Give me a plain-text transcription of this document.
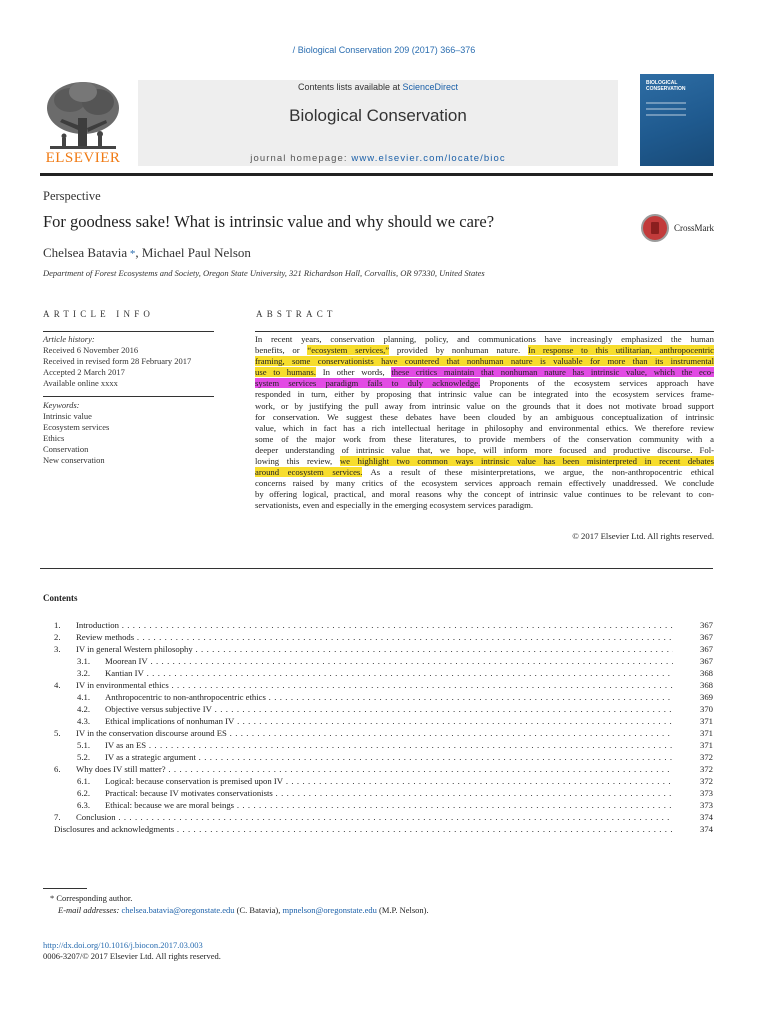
/ Biological Conservation 209 (2017) 366–376
ELSEVIER
Contents lists available at ScienceDirect
Biological Conservation
journal homepage: www.elsevier.com/locate/bioc
BIOLOGICAL CONSERVATION
Perspective
For goodness sake! What is intrinsic value and why should we care?	CrossMark
Chelsea Batavia *, Michael Paul Nelson
Department of Forest Ecosystems and Society, Oregon State University, 321 Richardson Hall, Corvallis, OR 97330, United States
ARTICLE INFO
Article history:
Received 6 November 2016
Received in revised form 28 February 2017
Accepted 2 March 2017
Available online xxxx
Keywords:
Intrinsic value
Ecosystem services
Ethics
Conservation
New conservation
ABSTRACT
In recent years, conservation planning, policy, and communications have increasingly emphasized the human
benefits, or “ecosystem services,” provided by nonhuman nature. In response to this utilitarian, anthropocentric
framing, some conservationists have countered that nonhuman nature is valuable for more than its instrumental
use to humans. In other words, these critics maintain that nonhuman nature has intrinsic value, which the eco-
system services paradigm fails to duly acknowledge. Proponents of the ecosystem services approach have
responded in turn, either by proposing that intrinsic value can be integrated into the ecosystem services frame-
work, or by justifying the pull away from intrinsic value on the grounds that it does not motivate broad support
for conservation. We suggest these debates have been clouded by an ambiguous conceptualization of intrinsic
value, which in fact has a rich intellectual heritage in philosophy and environmental ethics. We therefore review
some of the major work from these literatures, to provide members of the conservation community with a
deeper understanding of intrinsic value that, we hope, will inform more focused and productive discourse. Fol-
lowing this review, we highlight two common ways intrinsic value has been misinterpreted in recent debates
around ecosystem services. As a result of these misinterpretations, we argue, the non-anthropocentric ethical
concerns raised by many critics of the ecosystem services approach remain effectively unaddressed. We conclude
by offering logical, practical, and moral reasons why the concept of intrinsic value continues to be relevant to con-
servationists, even and especially in the emerging ecosystem services paradigm.
© 2017 Elsevier Ltd. All rights reserved.
Contents
1. Introduction . . .	367
2. Review methods . . .	367
3. IV in general Western philosophy . . .	367
3.1. Moorean IV . . .	367
3.2. Kantian IV . . .	368
4. IV in environmental ethics . . .	368
4.1. Anthropocentric to non-anthropocentric ethics . . .	369
4.2. Objective versus subjective IV . . .	370
4.3. Ethical implications of nonhuman IV . . .	371
5. IV in the conservation discourse around ES . . .	371
5.1. IV as an ES . . .	371
5.2. IV as a strategic argument . . .	372
6. Why does IV still matter? . . .	372
6.1. Logical: because conservation is premised upon IV . . .	372
6.2. Practical: because IV motivates conservationists . . .	373
6.3. Ethical: because we are moral beings . . .	373
7. Conclusion . . .	374
Disclosures and acknowledgments . . .	374
* Corresponding author.
E-mail addresses: chelsea.batavia@oregonstate.edu (C. Batavia), mpnelson@oregonstate.edu (M.P. Nelson).
http://dx.doi.org/10.1016/j.biocon.2017.03.003
0006-3207/© 2017 Elsevier Ltd. All rights reserved.
